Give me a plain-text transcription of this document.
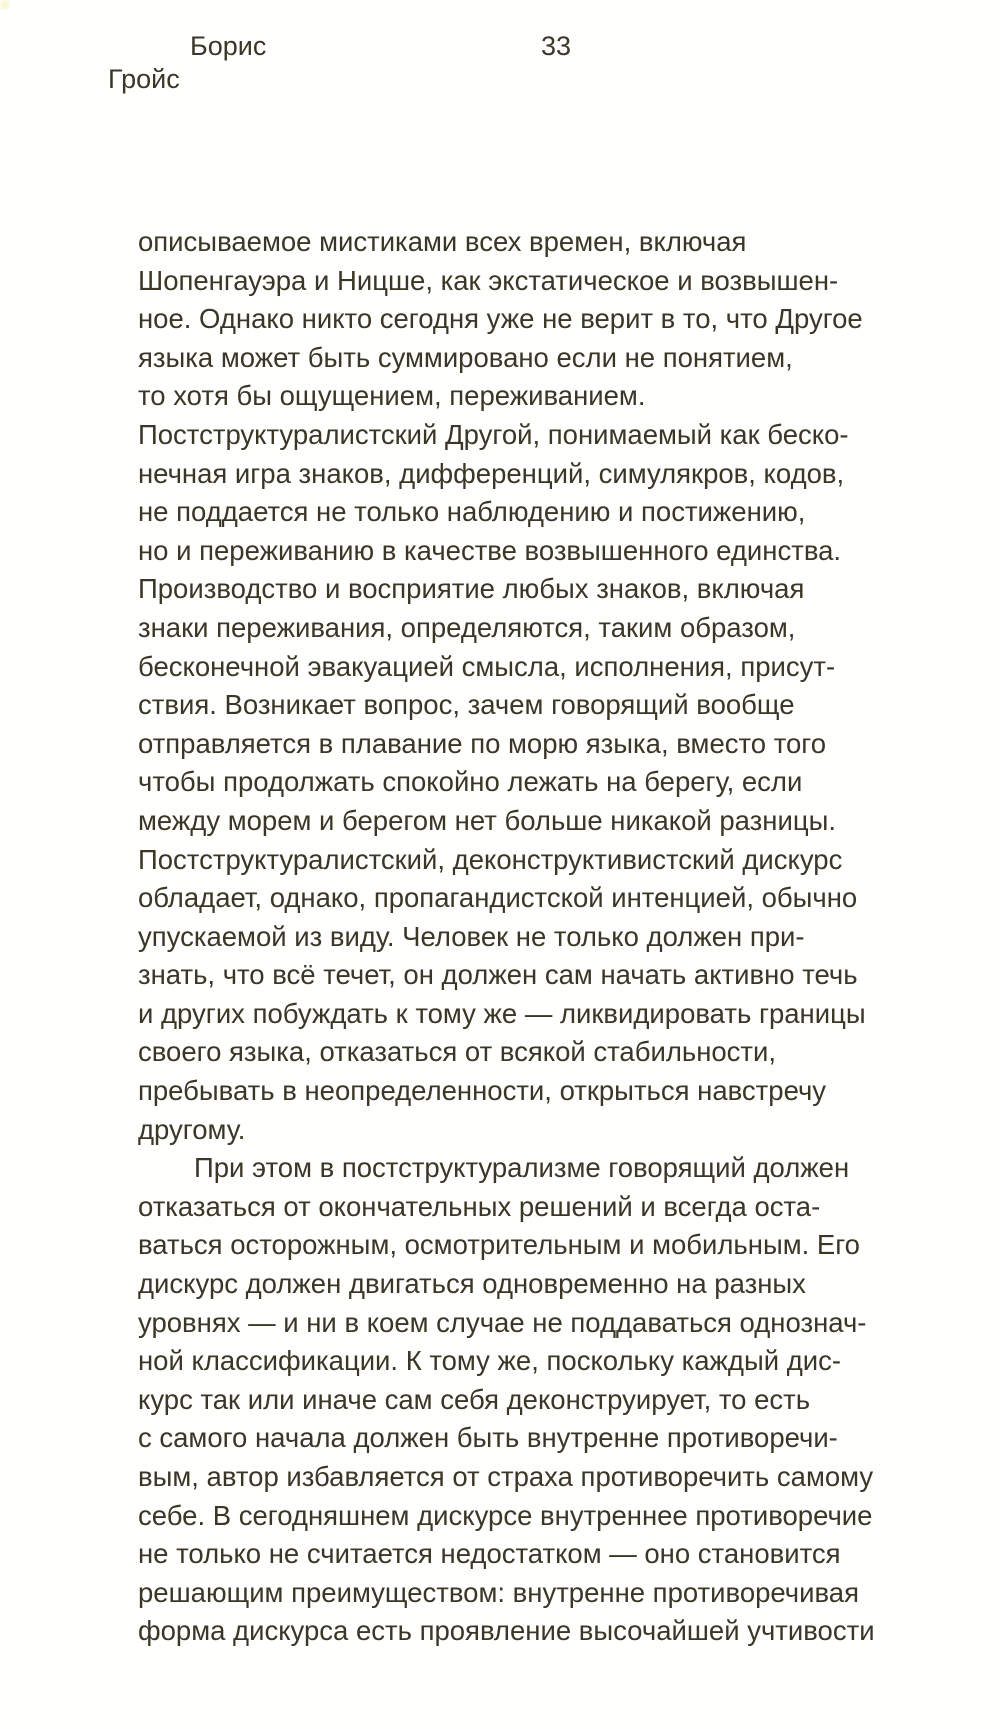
Борис
Гройс
33
описываемое мистиками всех времен, включая
Шопенгауэра и Ницше, как экстатическое и возвышен-
ное. Однако никто сегодня уже не верит в то, что Другое
языка может быть суммировано если не понятием,
то хотя бы ощущением, переживанием.
Постструктуралистский Другой, понимаемый как беско-
нечная игра знаков, дифференций, симулякров, кодов,
не поддается не только наблюдению и постижению,
но и переживанию в качестве возвышенного единства.
Производство и восприятие любых знаков, включая
знаки переживания, определяются, таким образом,
бесконечной эвакуацией смысла, исполнения, присут-
ствия. Возникает вопрос, зачем говорящий вообще
отправляется в плавание по морю языка, вместо того
чтобы продолжать спокойно лежать на берегу, если
между морем и берегом нет больше никакой разницы.
Постструктуралистский, деконструктивистский дискурс
обладает, однако, пропагандистской интенцией, обычно
упускаемой из виду. Человек не только должен при-
знать, что всё течет, он должен сам начать активно течь
и других побуждать к тому же — ликвидировать границы
своего языка, отказаться от всякой стабильности,
пребывать в неопределенности, открыться навстречу
другому.
При этом в постструктурализме говорящий должен
отказаться от окончательных решений и всегда оста-
ваться осторожным, осмотрительным и мобильным. Его
дискурс должен двигаться одновременно на разных
уровнях — и ни в коем случае не поддаваться однознач-
ной классификации. К тому же, поскольку каждый дис-
курс так или иначе сам себя деконструирует, то есть
с самого начала должен быть внутренне противоречи-
вым, автор избавляется от страха противоречить самому
себе. В сегодняшнем дискурсе внутреннее противоречие
не только не считается недостатком — оно становится
решающим преимуществом: внутренне противоречивая
форма дискурса есть проявление высочайшей учтивости
